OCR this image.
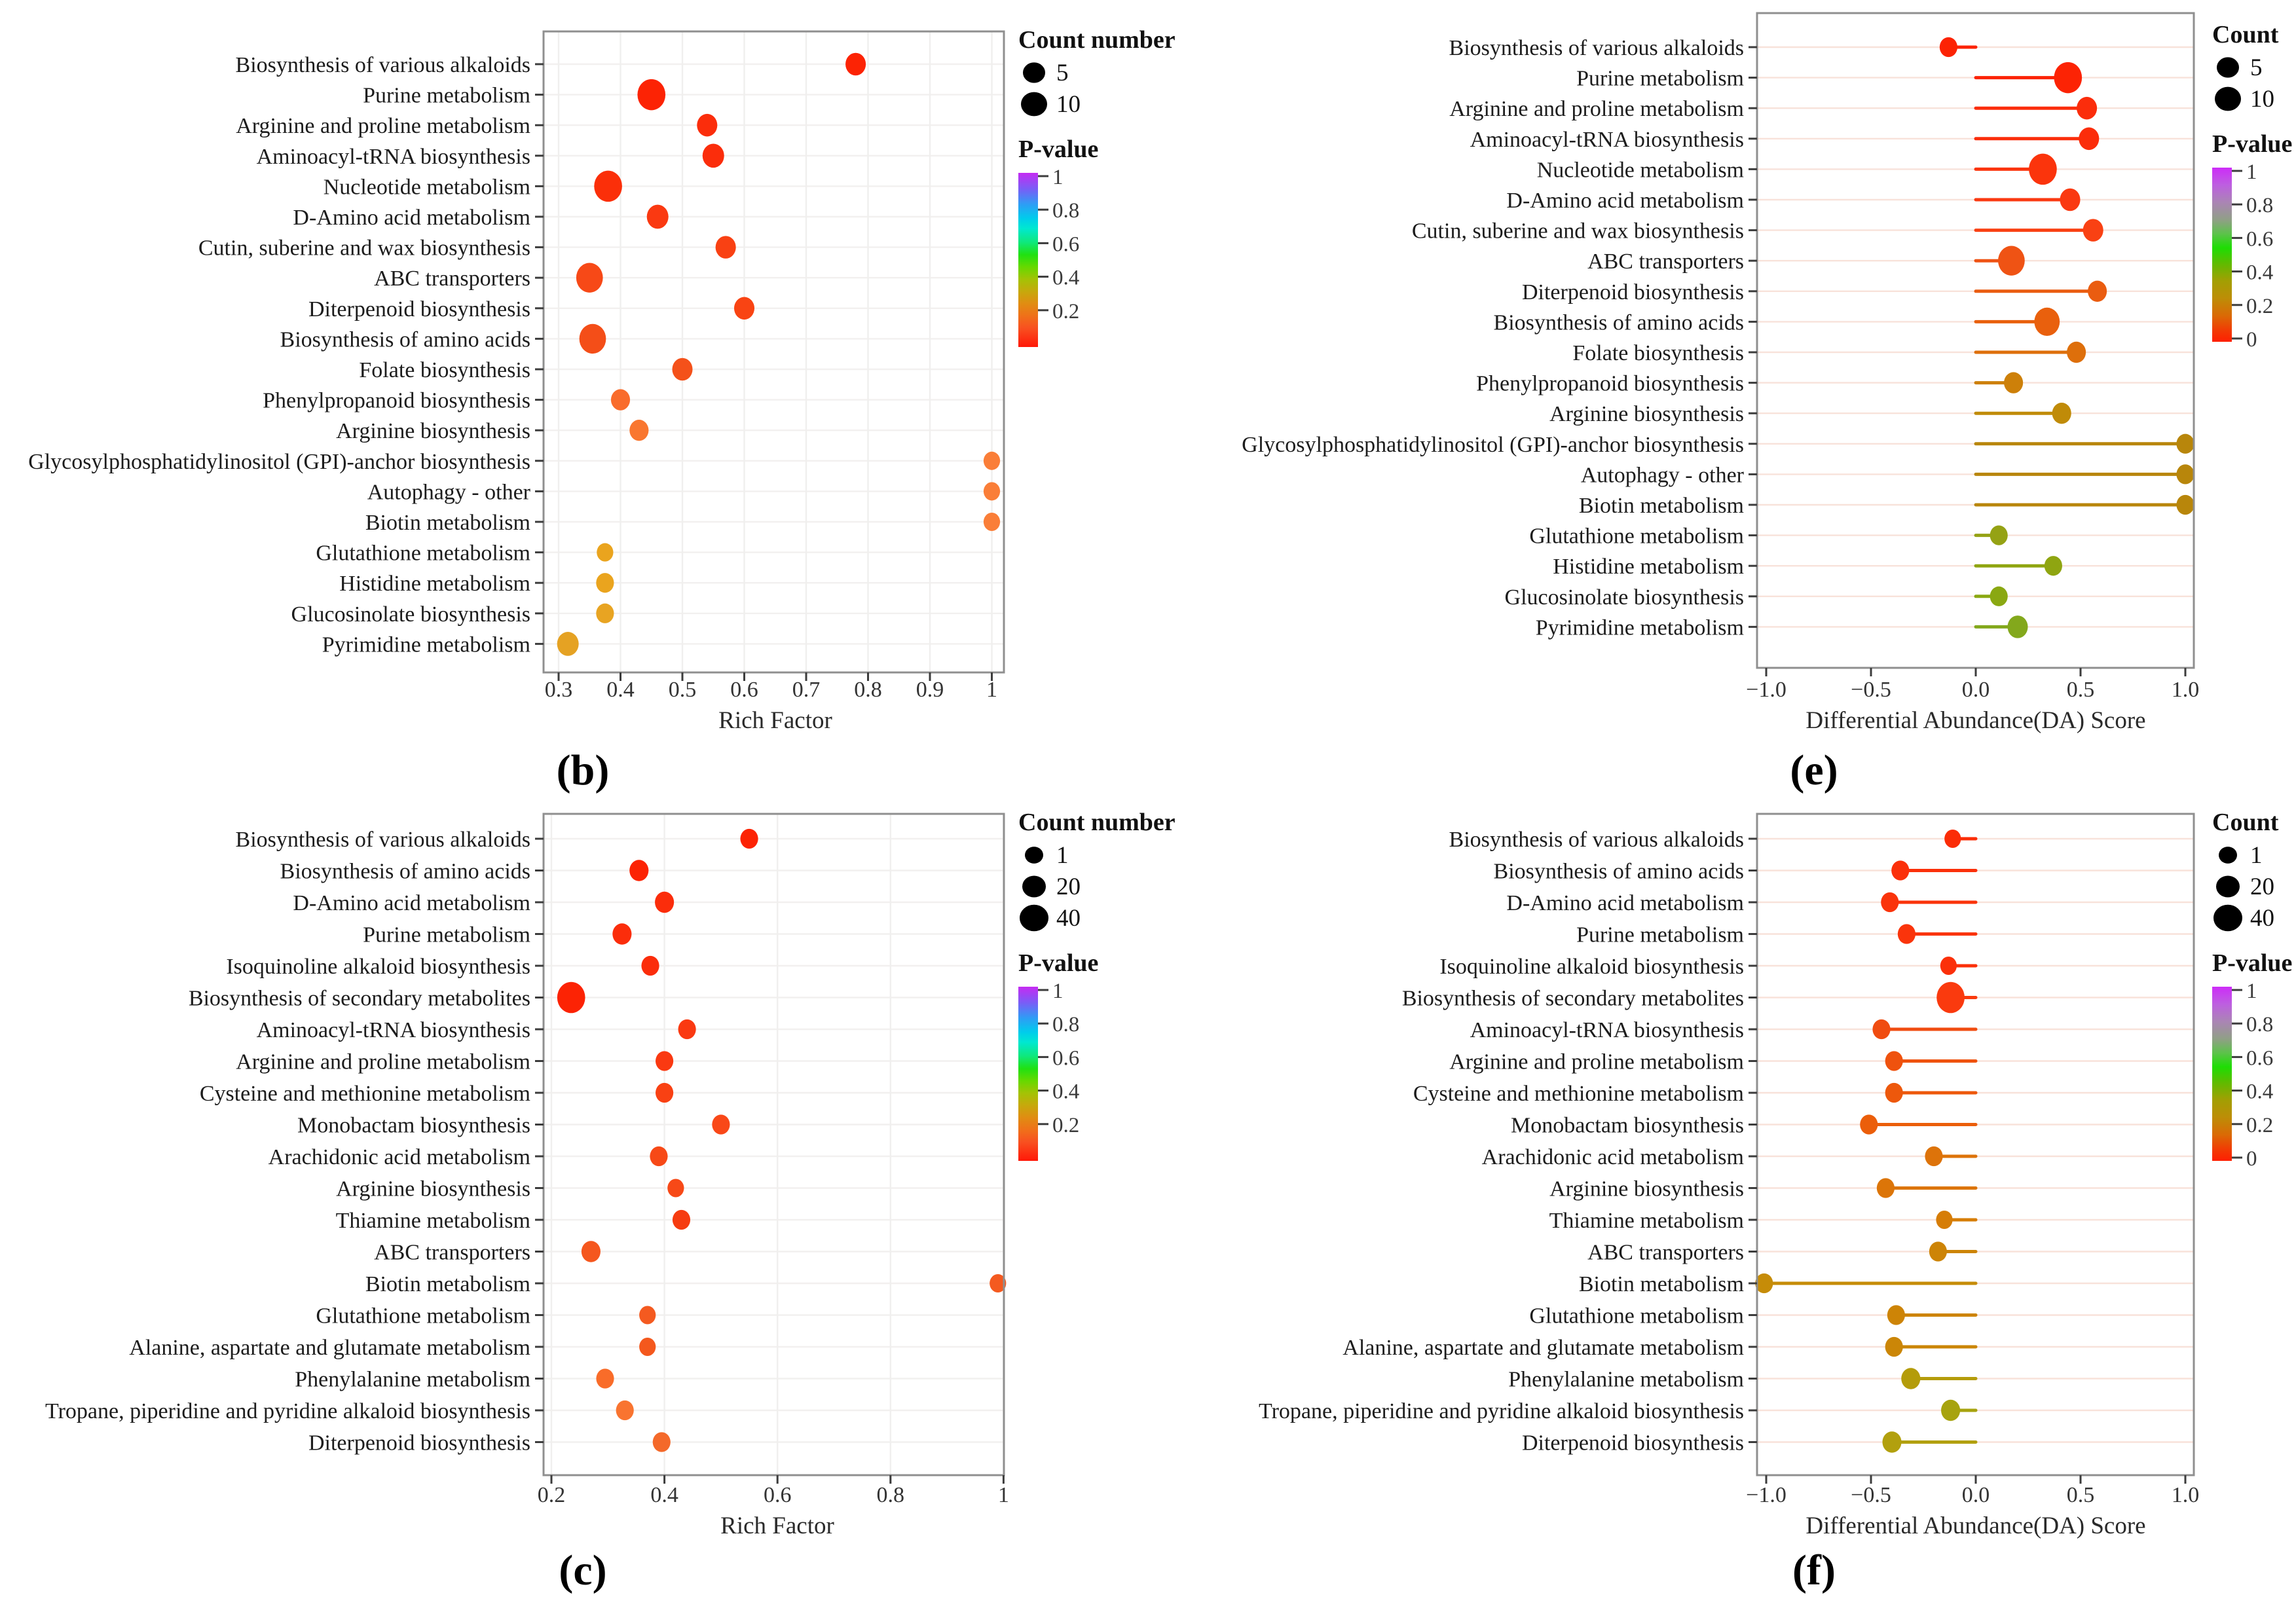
Biosynthesis of various alkaloids
Purine metabolism
Arginine and proline metabolism
Aminoacyl-tRNA biosynthesis
Nucleotide metabolism
D-Amino acid metabolism
Cutin, suberine and wax biosynthesis
ABC transporters
Diterpenoid biosynthesis
Biosynthesis of amino acids
Folate biosynthesis
Phenylpropanoid biosynthesis
Arginine biosynthesis
Glycosylphosphatidylinositol (GPI)-anchor biosynthesis
Autophagy - other
Biotin metabolism
Glutathione metabolism
Histidine metabolism
Glucosinolate biosynthesis
Pyrimidine metabolism
0.3 0.4 0.5 0.6 0.7 0.8 0.9 1
Rich Factor
(b)
Count number
5
10
P-value
1
0.8
0.6
0.4
0.2
Biosynthesis of various alkaloids
Purine metabolism
Arginine and proline metabolism
Aminoacyl-tRNA biosynthesis
Nucleotide metabolism
D-Amino acid metabolism
Cutin, suberine and wax biosynthesis
ABC transporters
Diterpenoid biosynthesis
Biosynthesis of amino acids
Folate biosynthesis
Phenylpropanoid biosynthesis
Arginine biosynthesis
Glycosylphosphatidylinositol (GPI)-anchor biosynthesis
Autophagy - other
Biotin metabolism
Glutathione metabolism
Histidine metabolism
Glucosinolate biosynthesis
Pyrimidine metabolism
−1.0	−0.5	0.0	0.5	1.0
Differential Abundance(DA) Score
(e)
Count
5
10
P-value
1
0.8
0.6
0.4
0.2
0
Biosynthesis of various alkaloids
Biosynthesis of amino acids
D-Amino acid metabolism
Purine metabolism
Isoquinoline alkaloid biosynthesis
Biosynthesis of secondary metabolites
Aminoacyl-tRNA biosynthesis
Arginine and proline metabolism
Cysteine and methionine metabolism
Monobactam biosynthesis
Arachidonic acid metabolism
Arginine biosynthesis
Thiamine metabolism
ABC transporters
Biotin metabolism
Glutathione metabolism
Alanine, aspartate and glutamate metabolism
Phenylalanine metabolism
Tropane, piperidine and pyridine alkaloid biosynthesis
Diterpenoid biosynthesis
0.2	0.4	0.6	0.8	1
Rich Factor
(c)
Count number
1
20
40
P-value
1
0.8
0.6
0.4
0.2
Biosynthesis of various alkaloids
Biosynthesis of amino acids
D-Amino acid metabolism
Purine metabolism
Isoquinoline alkaloid biosynthesis
Biosynthesis of secondary metabolites
Aminoacyl-tRNA biosynthesis
Arginine and proline metabolism
Cysteine and methionine metabolism
Monobactam biosynthesis
Arachidonic acid metabolism
Arginine biosynthesis
Thiamine metabolism
ABC transporters
Biotin metabolism
Glutathione metabolism
Alanine, aspartate and glutamate metabolism
Phenylalanine metabolism
Tropane, piperidine and pyridine alkaloid biosynthesis
Diterpenoid biosynthesis
−1.0	−0.5	0.0	0.5	1.0
Differential Abundance(DA) Score
(f)
Count
1
20
40
P-value
1
0.8
0.6
0.4
0.2
0
